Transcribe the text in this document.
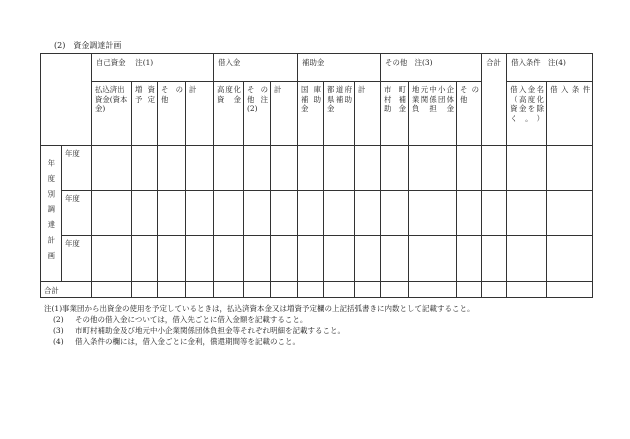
(2) 資金調達計画
		自己資金　 注(1)				借入金			補助金			その他　注(3)			合計	借入条件　注(4)	

		払込済出資金(資本金)	増資予定	その他	計	高度化資金	その他注(2)	計	国庫補助金	都道府県補助金	計	市町村補助金	地元中小企業関係団体負担金	その他		借入金名（高度化資金を除く。）	借入条件

年度別調達計画	年度																
	年度																
	年度																
合計																	
注(1) 事業団から出資金の使用を予定しているときは，払込済資本金又は増資予定欄の上記括弧書きに内数として記載すること。
(2)	その他の借入金については，借入先ごとに借入金額を記載すること。
(3)	市町村補助金及び地元中小企業関係団体負担金等それぞれ明細を記載すること。
(4)	借入条件の欄には，借入金ごとに金利，償還期間等を記載のこと。
